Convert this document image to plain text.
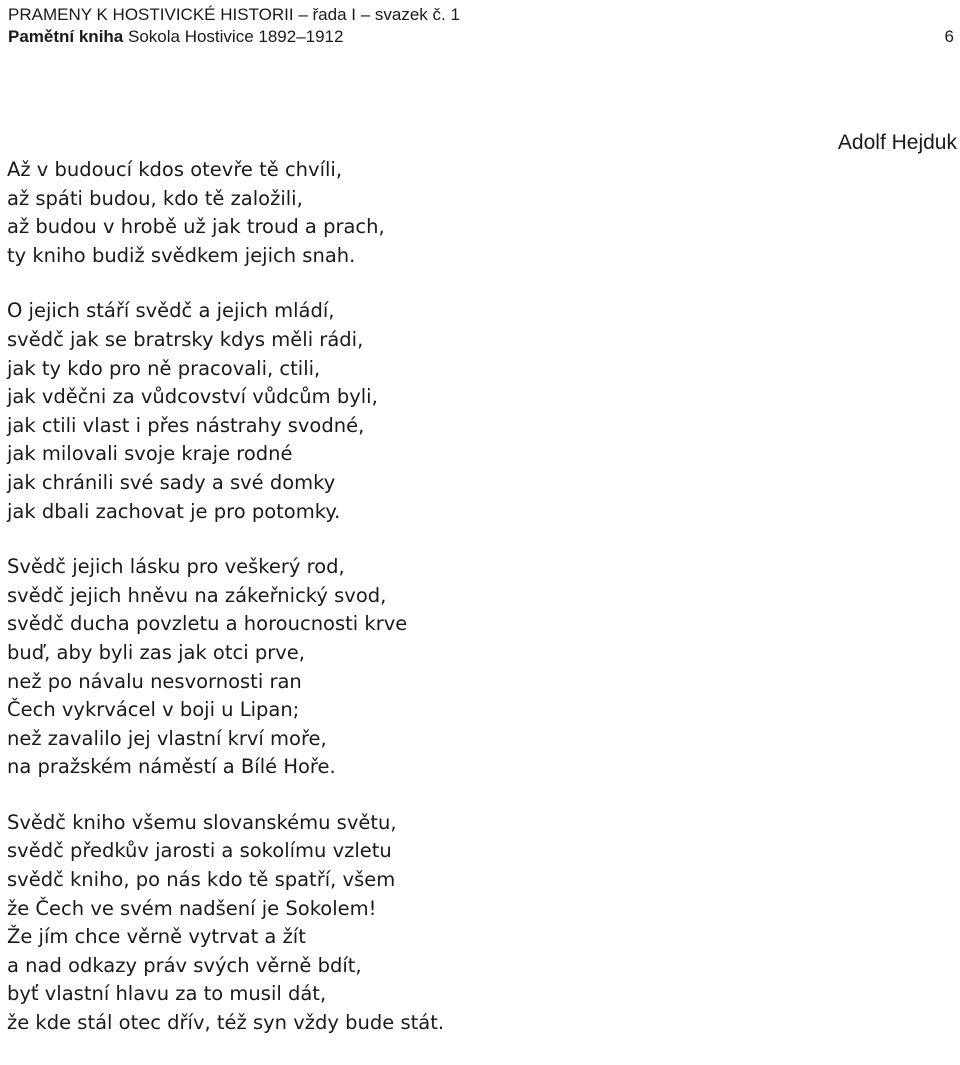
PRAMENY K HOSTIVICKÉ HISTORII – řada I – svazek č. 1
Pamětní kniha Sokola Hostivice 1892–1912	6
Adolf Hejduk
Až v budoucí kdos otevře tě chvíli,
až spáti budou, kdo tě založili,
až budou v hrobě už jak troud a prach,
ty kniho budiž svědkem jejich snah.
O jejich stáří svědč a jejich mládí,
svědč jak se bratrsky kdys měli rádi,
jak ty kdo pro ně pracovali, ctili,
jak vděčni za vůdcovství vůdcům byli,
jak ctili vlast i přes nástrahy svodné,
jak milovali svoje kraje rodné
jak chránili své sady a své domky
jak dbali zachovat je pro potomky.
Svědč jejich lásku pro veškerý rod,
svědč jejich hněvu na zákeřnický svod,
svědč ducha povzletu a horoucnosti krve
buď, aby byli zas jak otci prve,
než po návalu nesvornosti ran
Čech vykrvácel v boji u Lipan;
než zavalilo jej vlastní krví moře,
na pražském náměstí a Bílé Hoře.
Svědč kniho všemu slovanskému světu,
svědč předkův jarosti a sokolímu vzletu
svědč kniho, po nás kdo tě spatří, všem
že Čech ve svém nadšení je Sokolem!
Že jím chce věrně vytrvat a žít
a nad odkazy práv svých věrně bdít,
byť vlastní hlavu za to musil dát,
že kde stál otec dřív, též syn vždy bude stát.
